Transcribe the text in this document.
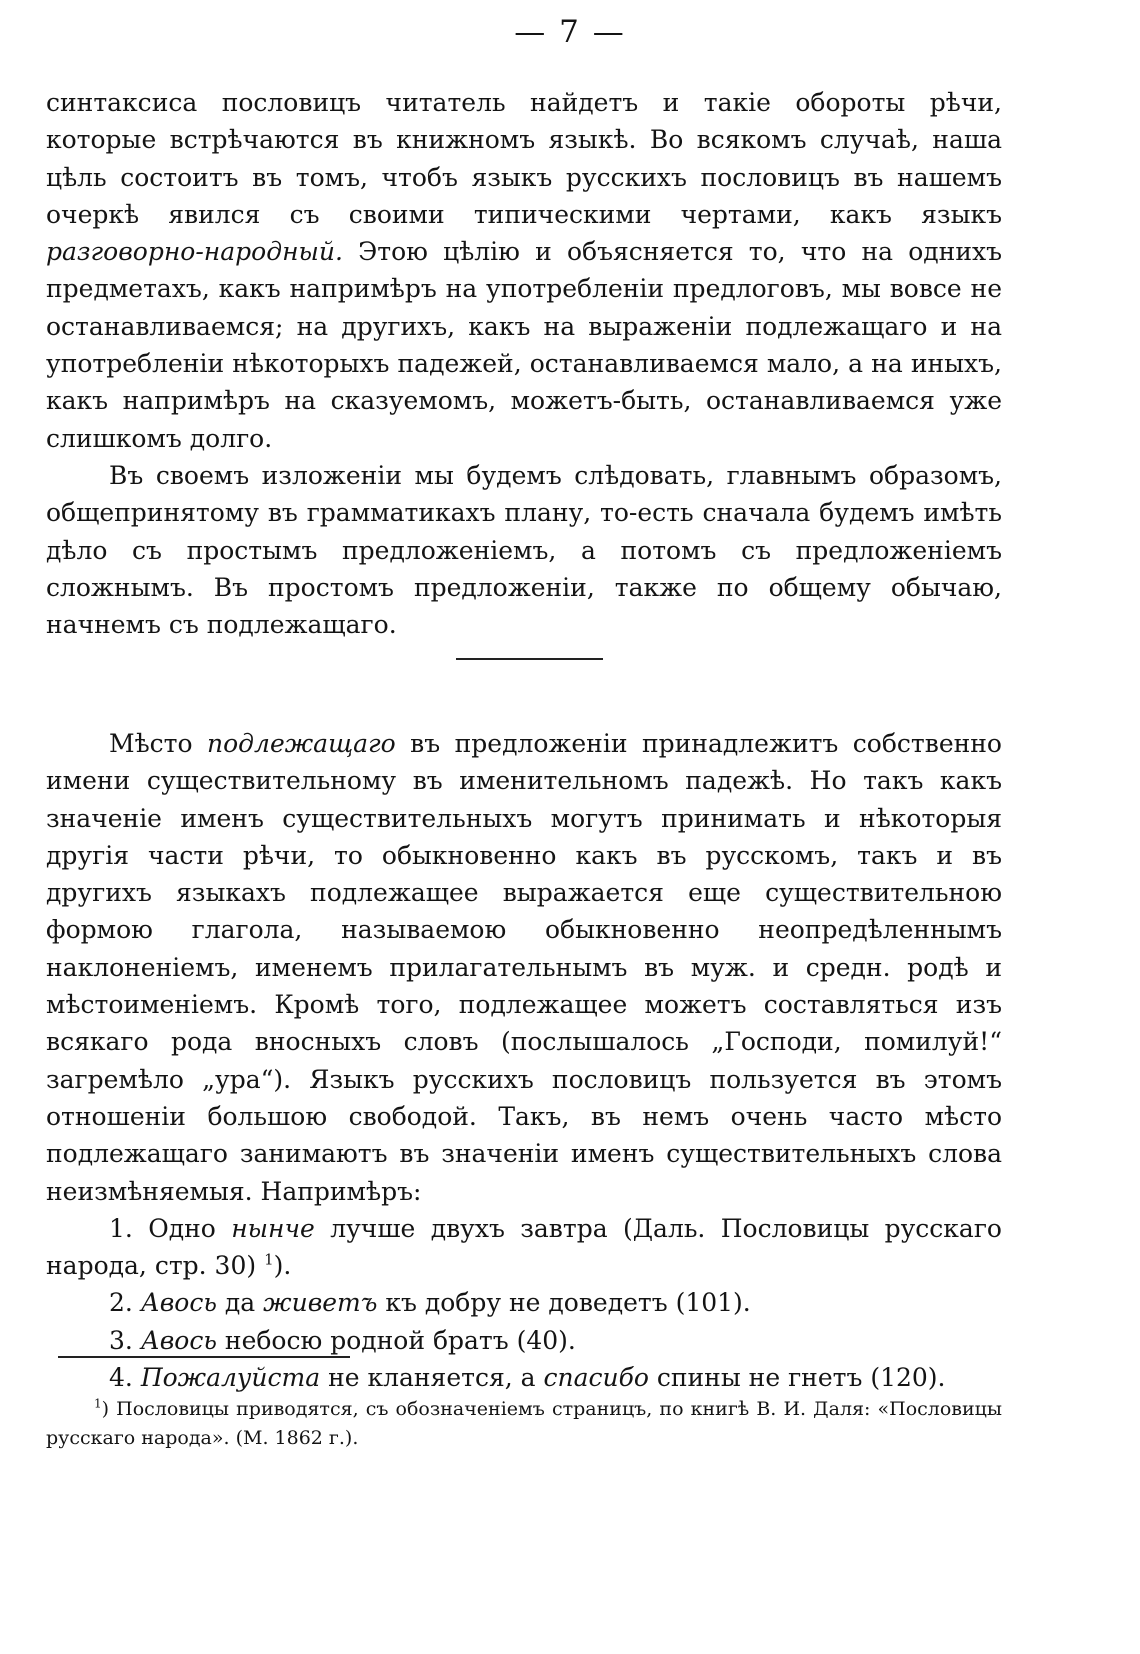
— 7 —

синтаксиса пословицъ читатель найдетъ и такіе обороты рѣчи, которые встрѣчаются въ книжномъ языкѣ. Во всякомъ случаѣ, наша цѣль состоитъ въ томъ, чтобъ языкъ русскихъ пословицъ въ нашемъ очеркѣ явился съ своими типическими чертами, какъ языкъ разговорно-народный. Этою цѣлію и объясняется то, что на однихъ предметахъ, какъ напримѣръ на употребленіи предлоговъ, мы вовсе не останавливаемся; на другихъ, какъ на выраженіи подлежащаго и на употребленіи нѣкоторыхъ падежей, останавливаемся мало, а на иныхъ, какъ напримѣръ на сказуемомъ, можетъ-быть, останавливаемся уже слишкомъ долго.

Въ своемъ изложеніи мы будемъ слѣдовать, главнымъ образомъ, общепринятому въ грамматикахъ плану, то-есть сначала будемъ имѣть дѣло съ простымъ предложеніемъ, а потомъ съ предложеніемъ сложнымъ. Въ простомъ предложеніи, также по общему обычаю, начнемъ съ подлежащаго.

Мѣсто подлежащаго въ предложеніи принадлежитъ собственно имени существительному въ именительномъ падежѣ. Но такъ какъ значеніе именъ существительныхъ могутъ принимать и нѣкоторыя другія части рѣчи, то обыкновенно какъ въ русскомъ, такъ и въ другихъ языкахъ подлежащее выражается еще существительною формою глагола, называемою обыкновенно неопредѣленнымъ наклоненіемъ, именемъ прилагательнымъ въ муж. и средн. родѣ и мѣстоименіемъ. Кромѣ того, подлежащее можетъ составляться изъ всякаго рода вносныхъ словъ (послышалось „Господи, помилуй!“ загремѣло „ура“). Языкъ русскихъ пословицъ пользуется въ этомъ отношеніи большою свободой. Такъ, въ немъ очень часто мѣсто подлежащаго занимаютъ въ значеніи именъ существительныхъ слова неизмѣняемыя. Напримѣръ:

1. Одно нынче лучше двухъ завтра (Даль. Пословицы русскаго народа, стр. 30) $^1$).
2. Авось да живетъ къ добру не доведетъ (101).
3. Авось небосю родной братъ (40).
4. Пожалуйста не кланяется, а спасибо спины не гнетъ (120).

$^1$) Пословицы приводятся, съ обозначеніемъ страницъ, по книгѣ В. И. Даля: «Пословицы русскаго народа». (М. 1862 г.).
